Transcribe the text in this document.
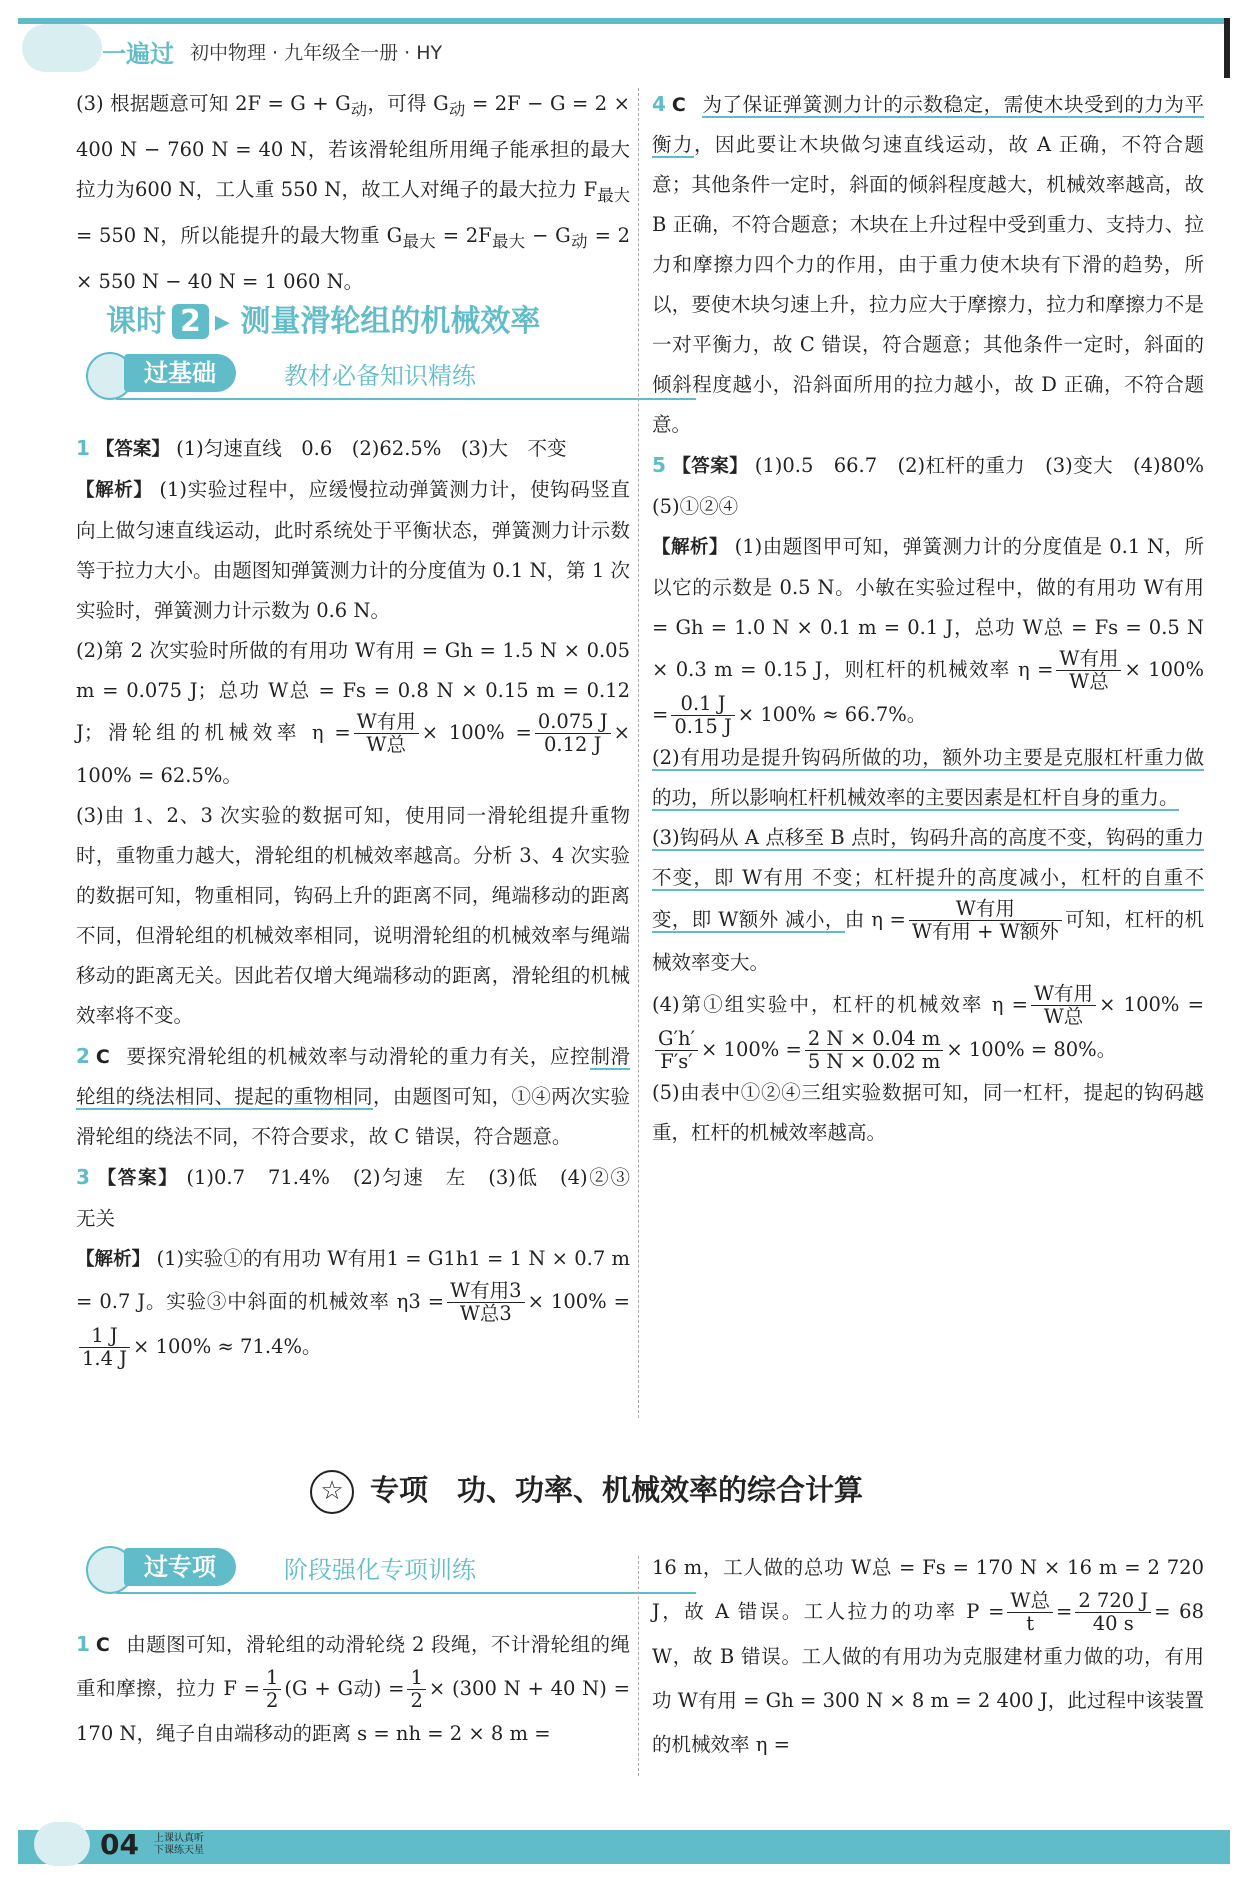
一遍过 初中物理 · 九年级全一册 · HY

(3) 根据题意可知 $2F = G + G_动$，可得 $G_动 = 2F - G = 2 \times 400$ N − 760 N = 40 N，若该滑轮组所用绳子能承担的最大拉力为600 N，工人重 550 N，故工人对绳子的最大拉力 $F_{最大} = 550$ N，所以能提升的最大物重 $G_{最大} = 2F_{最大} - G_动 = 2 \times 550$ N − 40 N = 1 060 N。

课时 2 ▸ 测量滑轮组的机械效率
过基础	教材必备知识精练

1 【答案】 (1)匀速直线　0.6　(2)62.5%　(3)大　不变

【解析】 (1)实验过程中，应缓慢拉动弹簧测力计，使钩码竖直向上做匀速直线运动，此时系统处于平衡状态，弹簧测力计示数等于拉力大小。由题图知弹簧测力计的分度值为 0.1 N，第 1 次实验时，弹簧测力计示数为 0.6 N。

(2)第 2 次实验时所做的有用功 W有用 = Gh = 1.5 N × 0.05 m = 0.075 J；总功 W总 = Fs = 0.8 N × 0.15 m = 0.12 J；滑轮组的机械效率 $\eta = \frac{\text{W有用}}{\text{W总}} \times 100\% = \frac{0.075 J}{0.12 J} \times 100\% = 62.5\%$。

(3)由 1、2、3 次实验的数据可知，使用同一滑轮组提升重物时，重物重力越大，滑轮组的机械效率越高。分析 3、4 次实验的数据可知，物重相同，钩码上升的距离不同，绳端移动的距离不同，但滑轮组的机械效率相同，说明滑轮组的机械效率与绳端移动的距离无关。因此若仅增大绳端移动的距离，滑轮组的机械效率将不变。

2 C 要探究滑轮组的机械效率与动滑轮的重力有关，应控制滑轮组的绕法相同、提起的重物相同，由题图可知，①④两次实验滑轮组的绕法不同，不符合要求，故 C 错误，符合题意。

3 【答案】 (1)0.7　71.4%　(2)匀速　左　(3)低　(4)②③　无关

【解析】 (1)实验①的有用功 W有用1 = G1h1 = 1 N × 0.7 m = 0.7 J。实验③中斜面的机械效率 $\eta 3 = \frac{\text{W有用3}}{\text{W总3}} \times 100\%$ =
$\frac{1 J}{1.4 J} \times 100\% \approx 71.4\%$。

4 C 为了保证弹簧测力计的示数稳定，需使木块受到的力为平衡力，因此要让木块做匀速直线运动，故 A 正确，不符合题意；其他条件一定时，斜面的倾斜程度越大，机械效率越高，故 B 正确，不符合题意；木块在上升过程中受到重力、支持力、拉力和摩擦力四个力的作用，由于重力使木块有下滑的趋势，所以，要使木块匀速上升，拉力应大于摩擦力，拉力和摩擦力不是一对平衡力，故 C 错误，符合题意；其他条件一定时，斜面的倾斜程度越小，沿斜面所用的拉力越小，故 D 正确，不符合题意。

5 【答案】 (1)0.5　66.7　(2)杠杆的重力　(3)变大　(4)80%　(5)①②④

【解析】 (1)由题图甲可知，弹簧测力计的分度值是 0.1 N，所以它的示数是 0.5 N。小敏在实验过程中，做的有用功 W有用 = Gh = 1.0 N × 0.1 m = 0.1 J，总功 W总 = Fs = 0.5 N × 0.3 m = 0.15 J，则杠杆的机械效率 $\eta = \frac{\text{W有用}}{\text{W总}} \times 100\% = \frac{0.1 J}{0.15 J} \times 100\% \approx 66.7\%$。

(2)有用功是提升钩码所做的功，额外功主要是克服杠杆重力做的功，所以影响杠杆机械效率的主要因素是杠杆自身的重力。

(3)钩码从 A 点移至 B 点时，钩码升高的高度不变，钩码的重力不变，即 W有用 不变；杠杆提升的高度减小，杠杆的自重不变，即 W额外 减小，由 $\eta = \frac{\text{W有用}}{\text{W有用 + W额外}}$ 可知，杠杆的机械效率变大。

(4)第①组实验中，杠杆的机械效率 $\eta = \frac{\text{W有用}}{\text{W总}} \times 100\%$ =
$\frac{G'h'}{F's'} \times 100\% = \frac{2 N \times 0.04 m}{5 N \times 0.02 m} \times 100\% = 80\%$。

(5)由表中①②④三组实验数据可知，同一杠杆，提起的钩码越重，杠杆的机械效率越高。

☆ 专项　功、功率、机械效率的综合计算
过专项	阶段强化专项训练

1 C 由题图可知，滑轮组的动滑轮绕 2 段绳，不计滑轮组的绳重和摩擦，拉力 $F = \frac{1}{2} (G + G$动) = $\frac{1}{2} \times (300$ N + 40 N) = 170 N，绳子自由端移动的距离 s = nh = 2 × 8 m =

16 m，工人做的总功 W总 = Fs = 170 N × 16 m = 2 720 J，故 A 错误。工人拉力的功率 $P = \frac{\text{W总}}{t} = \frac{2 720 J}{40 s} = 68$ W，故 B 错误。工人做的有用功为克服建材重力做的功，有用功 W有用 = Gh = 300 N × 8 m = 2 400 J，此过程中该装置的机械效率 η =

04 上课认真听
下课练天星
